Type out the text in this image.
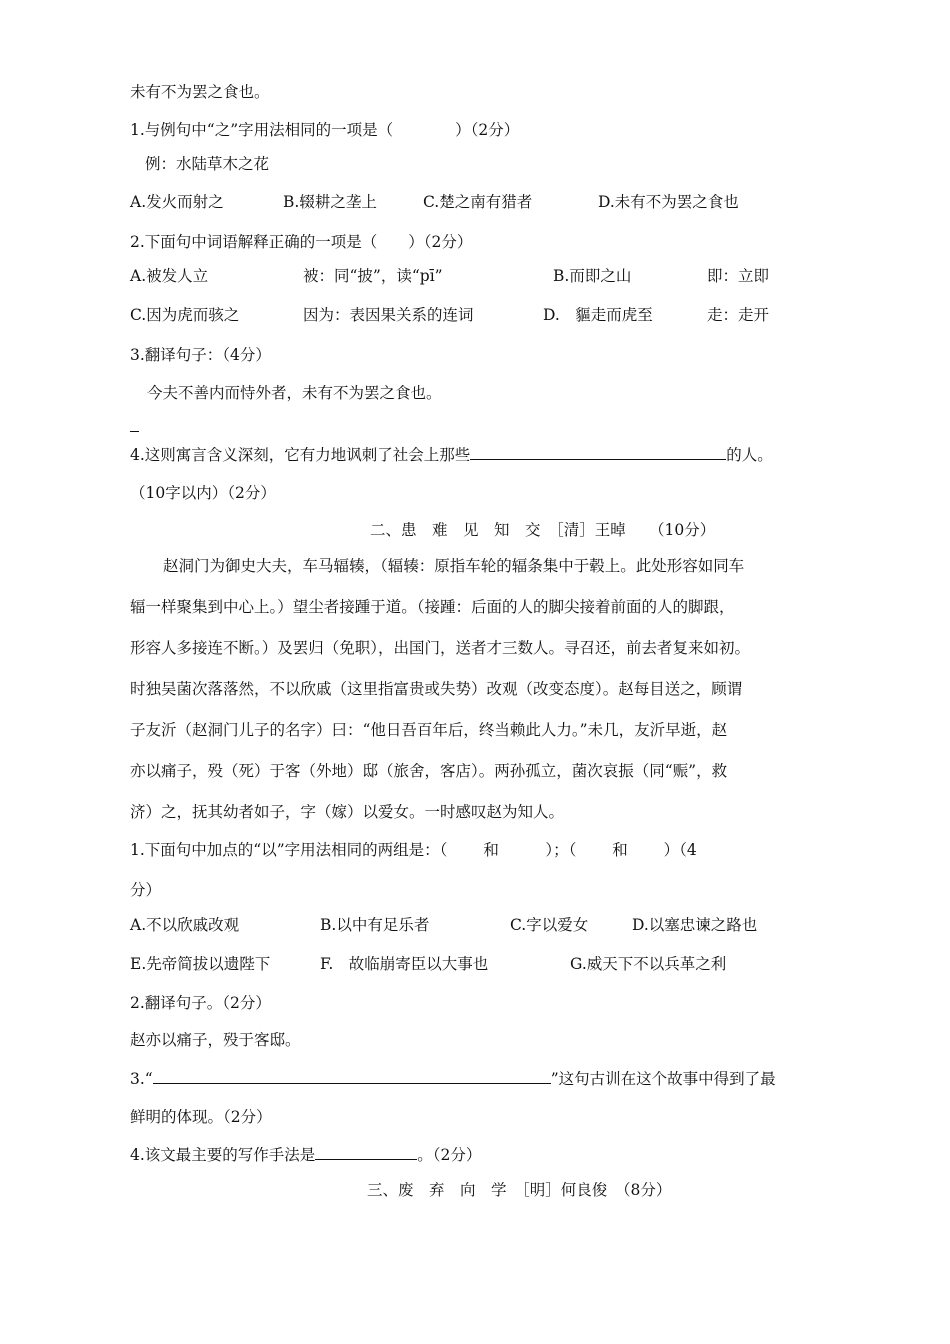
未有不为罢之食也。
1.与例句中“之”字用法相同的一项是（　　　　）（2分）
例：水陆草木之花
A.发火而射之	B.辍耕之垄上	C.楚之南有猎者	D.未有不为罢之食也
2.下面句中词语解释正确的一项是（　　）（2分）
A.被发人立	被：同“披”，读“pī”	B.而即之山	即：立即
C.因为虎而骇之	因为：表因果关系的连词	D.　貙走而虎至	走：走开
3.翻译句子：（4分）
今夫不善内而恃外者，未有不为罢之食也。
4.这则寓言含义深刻，它有力地讽刺了社会上那些	的人。
（10字以内）（2分）
二、患　难　见　知　交　［清］王晫　　（10分）
赵洞门为御史大夫，车马辐辏，（辐辏：原指车轮的辐条集中于毂上。此处形容如同车
辐一样聚集到中心上。）望尘者接踵于道。（接踵：后面的人的脚尖接着前面的人的脚跟，
形容人多接连不断。）及罢归（免职），出国门，送者才三数人。寻召还，前去者复来如初。
时独吴菌次落落然，不以欣戚（这里指富贵或失势）改观（改变态度）。赵每目送之，顾谓
子友沂（赵洞门儿子的名字）曰：“他日吾百年后，终当赖此人力。”未几，友沂早逝，赵
亦以痛子，殁（死）于客（外地）邸（旅舍，客店）。两孙孤立，菌次哀振（同“赈”，救
济）之，抚其幼者如子，字（嫁）以爱女。一时感叹赵为知人。
1.下面句中加点的“以”字用法相同的两组是：（　　 和　　　）；（　　 和　　 ）（4
分）
A.不以欣戚改观	B.以中有足乐者	C.字以爱女	D.以塞忠谏之路也
E.先帝简拔以遗陛下	F.　故临崩寄臣以大事也	G.威天下不以兵革之利
2.翻译句子。（2分）
赵亦以痛子，殁于客邸。
3.“	”这句古训在这个故事中得到了最
鲜明的体现。（2分）
4.该文最主要的写作手法是	。（2分）
三、废　弃　向　学　［明］何良俊　（8分）
